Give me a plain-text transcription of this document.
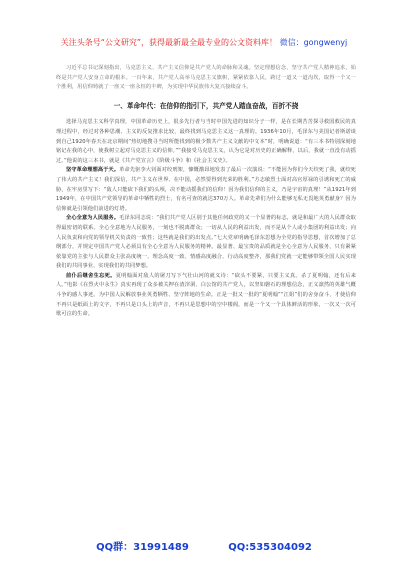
关注头条号“公文研究”，获得最新最全最专业的公文资料库！ 微信：gongwenyj

习近平总书记深刻指出，马克思主义、共产主义信仰是共产党人的命脉和灵魂。坚定理想信念，坚守共产党人精神追求，始终是共产党人安身立命的根本。一百年来，共产党人高举马克思主义旗帜，紧紧依靠人民，跨过一道又一道沟坎，取得一个又一个胜利，用信仰铸就了一座又一座永恒的丰碑，为实现中华民族伟大复兴接续奋斗。

一、革命年代：在信仰的指引下，共产党人踏血奋战，百折不挠

选择马克思主义科学真理，中国革命历史上，很多先行者与当时中国先进的知识分子一样，是在长期苦苦探寻救国救民的真理过程中，经过对各种思潮、主义的反复推求比较，最终找到马克思主义这一真理的。1936年10月，毛泽东与美国记者斯诺谈到自己1920年春天在北京期间“热切地搜寻当时所能找到的极少数共产主义文献的中文本”时，明确说道：“有三本书特别深刻地铭记在我的心中，使我树立起对马克思主义的信仰。”“我接受马克思主义，认为它是对历史的正确解释，以后，我就一直没有动摇过。”他说的这三本书，就是《共产党宣言》《阶级斗争》和《社会主义史》。

坚守革命理想高于天。革命先驱李大钊面对绞刑架，慷慨激昂地发表了最后一次演说：“不能因为你们今天绞死了我，就绞死了伟大的共产主义！我们深信，共产主义在世界、在中国，必然要得到光荣的胜利。”方志敏烈士面对高官厚禄的引诱和死亡的威胁，在牢房里写下：“敌人只能砍下我们的头颅，决不能动摇我们的信仰！因为我们信仰的主义，乃是宇宙的真理！”从1921年到1949年，在中国共产党领导的革命中牺牲的烈士，有名可查的就达370万人。革命先辈们为什么能够无私无畏地英勇献身？因为信仰就是引领他们前进的灯塔。

全心全意为人民服务。毛泽东同志说：“我们共产党人区别于其他任何政党的又一个显著的标志，就是和最广大的人民群众取得最密切的联系。全心全意地为人民服务，一刻也不脱离群众；一切从人民的利益出发，而不是从个人或小集团的利益出发；向人民负责和向党的领导机关负责的一致性；这些就是我们的出发点。”七大党章明确毛泽东思想为全党的指导思想，首次增加了总纲部分，并规定中国共产党人必须具有全心全意为人民服务的精神。最显著、最宝贵的品质就是全心全意为人民服务，只有紧紧依靠党的主张与人民群众主张高度统一、理念高度一致、情感高度融合、行动高度整齐，那我们党就一定能够带领全国人民实现我们的共同事业、实现我们的共同梦想。

前仆后继舍生忘死。夏明翰面对敌人的屠刀写下气壮山河的就义诗：“砍头不要紧，只要主义真。杀了夏明翰，还有后来人。”电影《在烈火中永生》真实再现了众多被关押在渣滓洞、白公馆的共产党人，以坚如磐石的理想信念，正义凛然的英雄气概斗争的感人事迹。为中国人民解放事业英勇牺牲、坚守阵地的生命。正是一批又一批的“夏明翰”“江姐”们的舍身奋斗，才使信仰不再只是纸面上的文字，不再只是口头上的声音，不再只是思想中的空中楼阁，而是一个又一个具体鲜活的形象，一次又一次可歌可泣的生命。

QQ群：31991489	QQ:535304092
